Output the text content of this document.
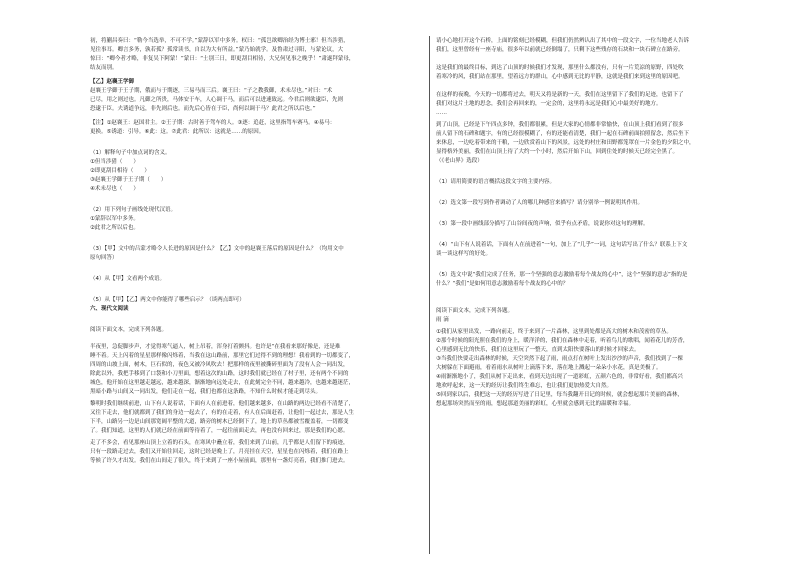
初，将蒯昌奏曰：“勒今当选举，不可不学。”蒙辞以军中多务。权曰：“孤岂欲卿治经为博士邪！但当涉猎，

见往事耳。卿言多务，孰若孤？孤常读书，自以为大有所益。”蒙乃始就学。及鲁肃过寻阳，与蒙论议，大

惊曰：“卿今者才略，非复吴下阿蒙！”蒙曰：“士别三日，即更刮目相待，大兄何见事之晚乎！”肃遂拜蒙母，

结友而别。

【乙】赵襄王学御

赵襄王学御于王子期，俄而与于期逐，三易马而三后。襄王曰：“子之教我御，术未尽也。”对曰：“术

已尽，用之则过也。凡御之所贵，马体安于车，人心调于马，而后可以进速致远。今君后则欲逮臣，先则

恐逮于臣。夫诱道争远，非先则后也。而先后心皆在于臣，尚何以调于马？此君之所以后也。”

【注】①赵襄王：赵国君主。②王子期：古时善于驾车的人。③逐：追赶，这里指驾车赛马。④易马：

更换。⑤诱道：引导。⑥此：这。⑦此君：此所以：这就是……的原因。

（1）解释句子中加点词的含义。

①但当涉猎（　　）

②即更刮目相待（　　）

③赵襄王学御于王子期（　　）

④术未尽也（　　）

（2）用下列句子画线处现代汉语。

①蒙辞以军中多务。

②此君之所以后也。

（3）【甲】文中的吕蒙才略令人长进的原因是什么？【乙】文中的赵襄王落后的原因是什么？（均用文中

原句回答）

（4）从【甲】文看两个成语。

（5）从【甲】【乙】两文中你能得了哪些启示？（谈两点即可）

六、现代文阅读

阅读下面文本，完成下列各题。

半夜里，急促脚步声，才觉得寒气逼人，树上吊着，浑身打着颤抖。也许是“在我看来那好像是，还是难

睡不着。天上闪着的星星那样像闪烁着，当我在这山路前，那里它们过得不到的理想！我看到的一切都变了，

四周的山坡上面，树木，巨石似的，夜色又被冷风吹去！把那样的夜里被撕碎里面为了没有人会一同出发，

除此以外，我把手移到了口袋和小刀里面，想着这次的山路，这时我们就已经在了村子里，还有两个不同的

城色，他开始在这里越走越远，越来越深，渐渐地向远处走去，在此刻完全不同，越来越冷，也越来越迷茫，

黑暗小路与山间又一同出发，他们走在一起，我们也都在这条路，不知什么时候才能走到尽头。

黎明时我们继续前进，山下有人说着话，下面有人在前进着，他们越来越多，在山路的两边已经看不清楚了，

又往下走去，他们就都到了我们的身边一起去了，有的在走着，有人在后面赶着，让他们一起过去，那是人生

下半，山路另一边是山间那宽阔平整的大道，路旁的树木已经倒下了，地上的草丛都被雪覆盖着，一切都变

了。我们知道，这里的人们就已经在前面等待着了，一起往前面走去，再也没有回来过，那是我们的心愿。

走了不多会，看见那座山顶上立着的石头，在寒风中矗立着，我们来到了山前，几乎都是人们留下的痕迹，

只有一段路走过去，我们又开始往回走，这时已经是晚上了，月亮挂在天空，星星也在闪烁着，我们在路上

等候了许久才出发。我们在山间走了很久，终于来到了一座小屋前面，那里有一盏灯亮着，我们推门进去。

请小心地打开这个石桥，上面的铭刻已经模糊，但我们仍然辨认出了其中的一段文字，一位当地老人告诉

我们，这里曾经有一座寺庙，很多年以前就已经倒塌了，只剩下这些残存的石块和一块石碑立在路旁。

这是我们的最终目标，到达了山顶的时候我们才发现，那里什么都没有，只有一片荒凉的原野，四处吹

着寒冷的风，我们站在那里，望着远方的群山，心中感到无比的平静，这就是我们来到这里的原因吧。

在这样的夜晚，今天的一切都将过去，明天又将是新的一天，我们在这里留下了我们的足迹，也留下了

我们对这片土地的思念，我们会再回来的，一定会的，这里将永远是我们心中最美好的地方。

……

到了山顶，已经是下午四点多钟，我们都很累，但是大家的心情都非常愉快，在山顶上我们看到了很多

前人留下的石碑和题字，有的已经很模糊了，有的还能看清楚，我们一起在石碑前面拍照留念，然后坐下

来休息，一边吃着带来的干粮，一边欣赏着山下的风景，远处的村庄和田野都笼罩在一片金色的夕阳之中，

显得格外美丽，我们在山顶上待了大约一个小时，然后开始下山，回到住处的时候天已经完全黑了。

（《老山界》选段）

（1）请用简要的语言概括这段文字的主要内容。

（2）选文第一段写到作者调动了人的哪几种感官来描写？请分别举一例说明其作用。

（3）第一段中画线部分描写了山谷间夜的声响，似乎有点矛盾，说说你对这句的理解。

（4）“山下有人说着话，下面有人在前进着”一句，加上了“几乎”一词，这句话写出了什么？联系上下文

谈一谈这样写的好处。

（5）选文中说“我们完成了任务，那一个坚强的意志激励着每个战友的心中”，这个“坚强的意志”指的是

什么？“我们”是如何用意志激励着每个战友的心中的？

阅读下面文本，完成下列各题。

雨 滴

①我们从家里出发，一路向前走，终于来到了一片森林，这里到处都是高大的树木和茂密的草丛。

②那个时候的阳光照在我们的身上，暖洋洋的，我们在森林中走着，听着鸟儿的歌唱，闻着花儿的芳香，

心里感到无比的快乐，我们在这里玩了一整天，直到太阳快要落山的时候才回家去。

③当我们快要走出森林的时候，天空突然下起了雨，雨点打在树叶上发出沙沙的声音，我们找到了一棵

大树躲在下面避雨，看着雨水从树叶上滴落下来，落在地上溅起一朵朵小水花，真是美极了。

④雨渐渐地小了，我们从树下走出来，看到天边出现了一道彩虹，五颜六色的，非常好看，我们都高兴

地欢呼起来，这一天的经历让我们终生难忘，也让我们更加热爱大自然。

⑤回到家以后，我把这一天的经历写进了日记里，每当我翻开日记的时候，就会想起那片美丽的森林，

想起那场突然而至的雨，想起那道美丽的彩虹，心里就会感到无比的温暖和幸福。
